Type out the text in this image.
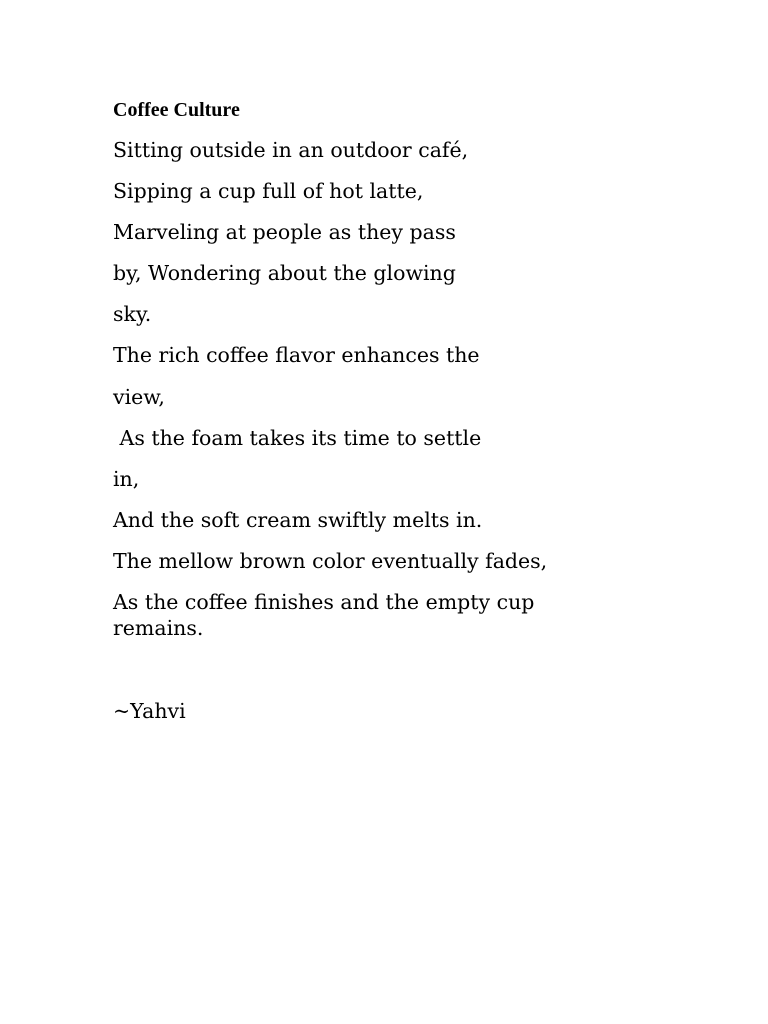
Coffee Culture

Sitting outside in an outdoor café,

Sipping a cup full of hot latte,

Marveling at people as they pass

by, Wondering about the glowing

sky.

The rich coffee flavor enhances the

view,

As the foam takes its time to settle

in,

And the soft cream swiftly melts in.

The mellow brown color eventually fades,

As the coffee finishes and the empty cup

remains.

~Yahvi
